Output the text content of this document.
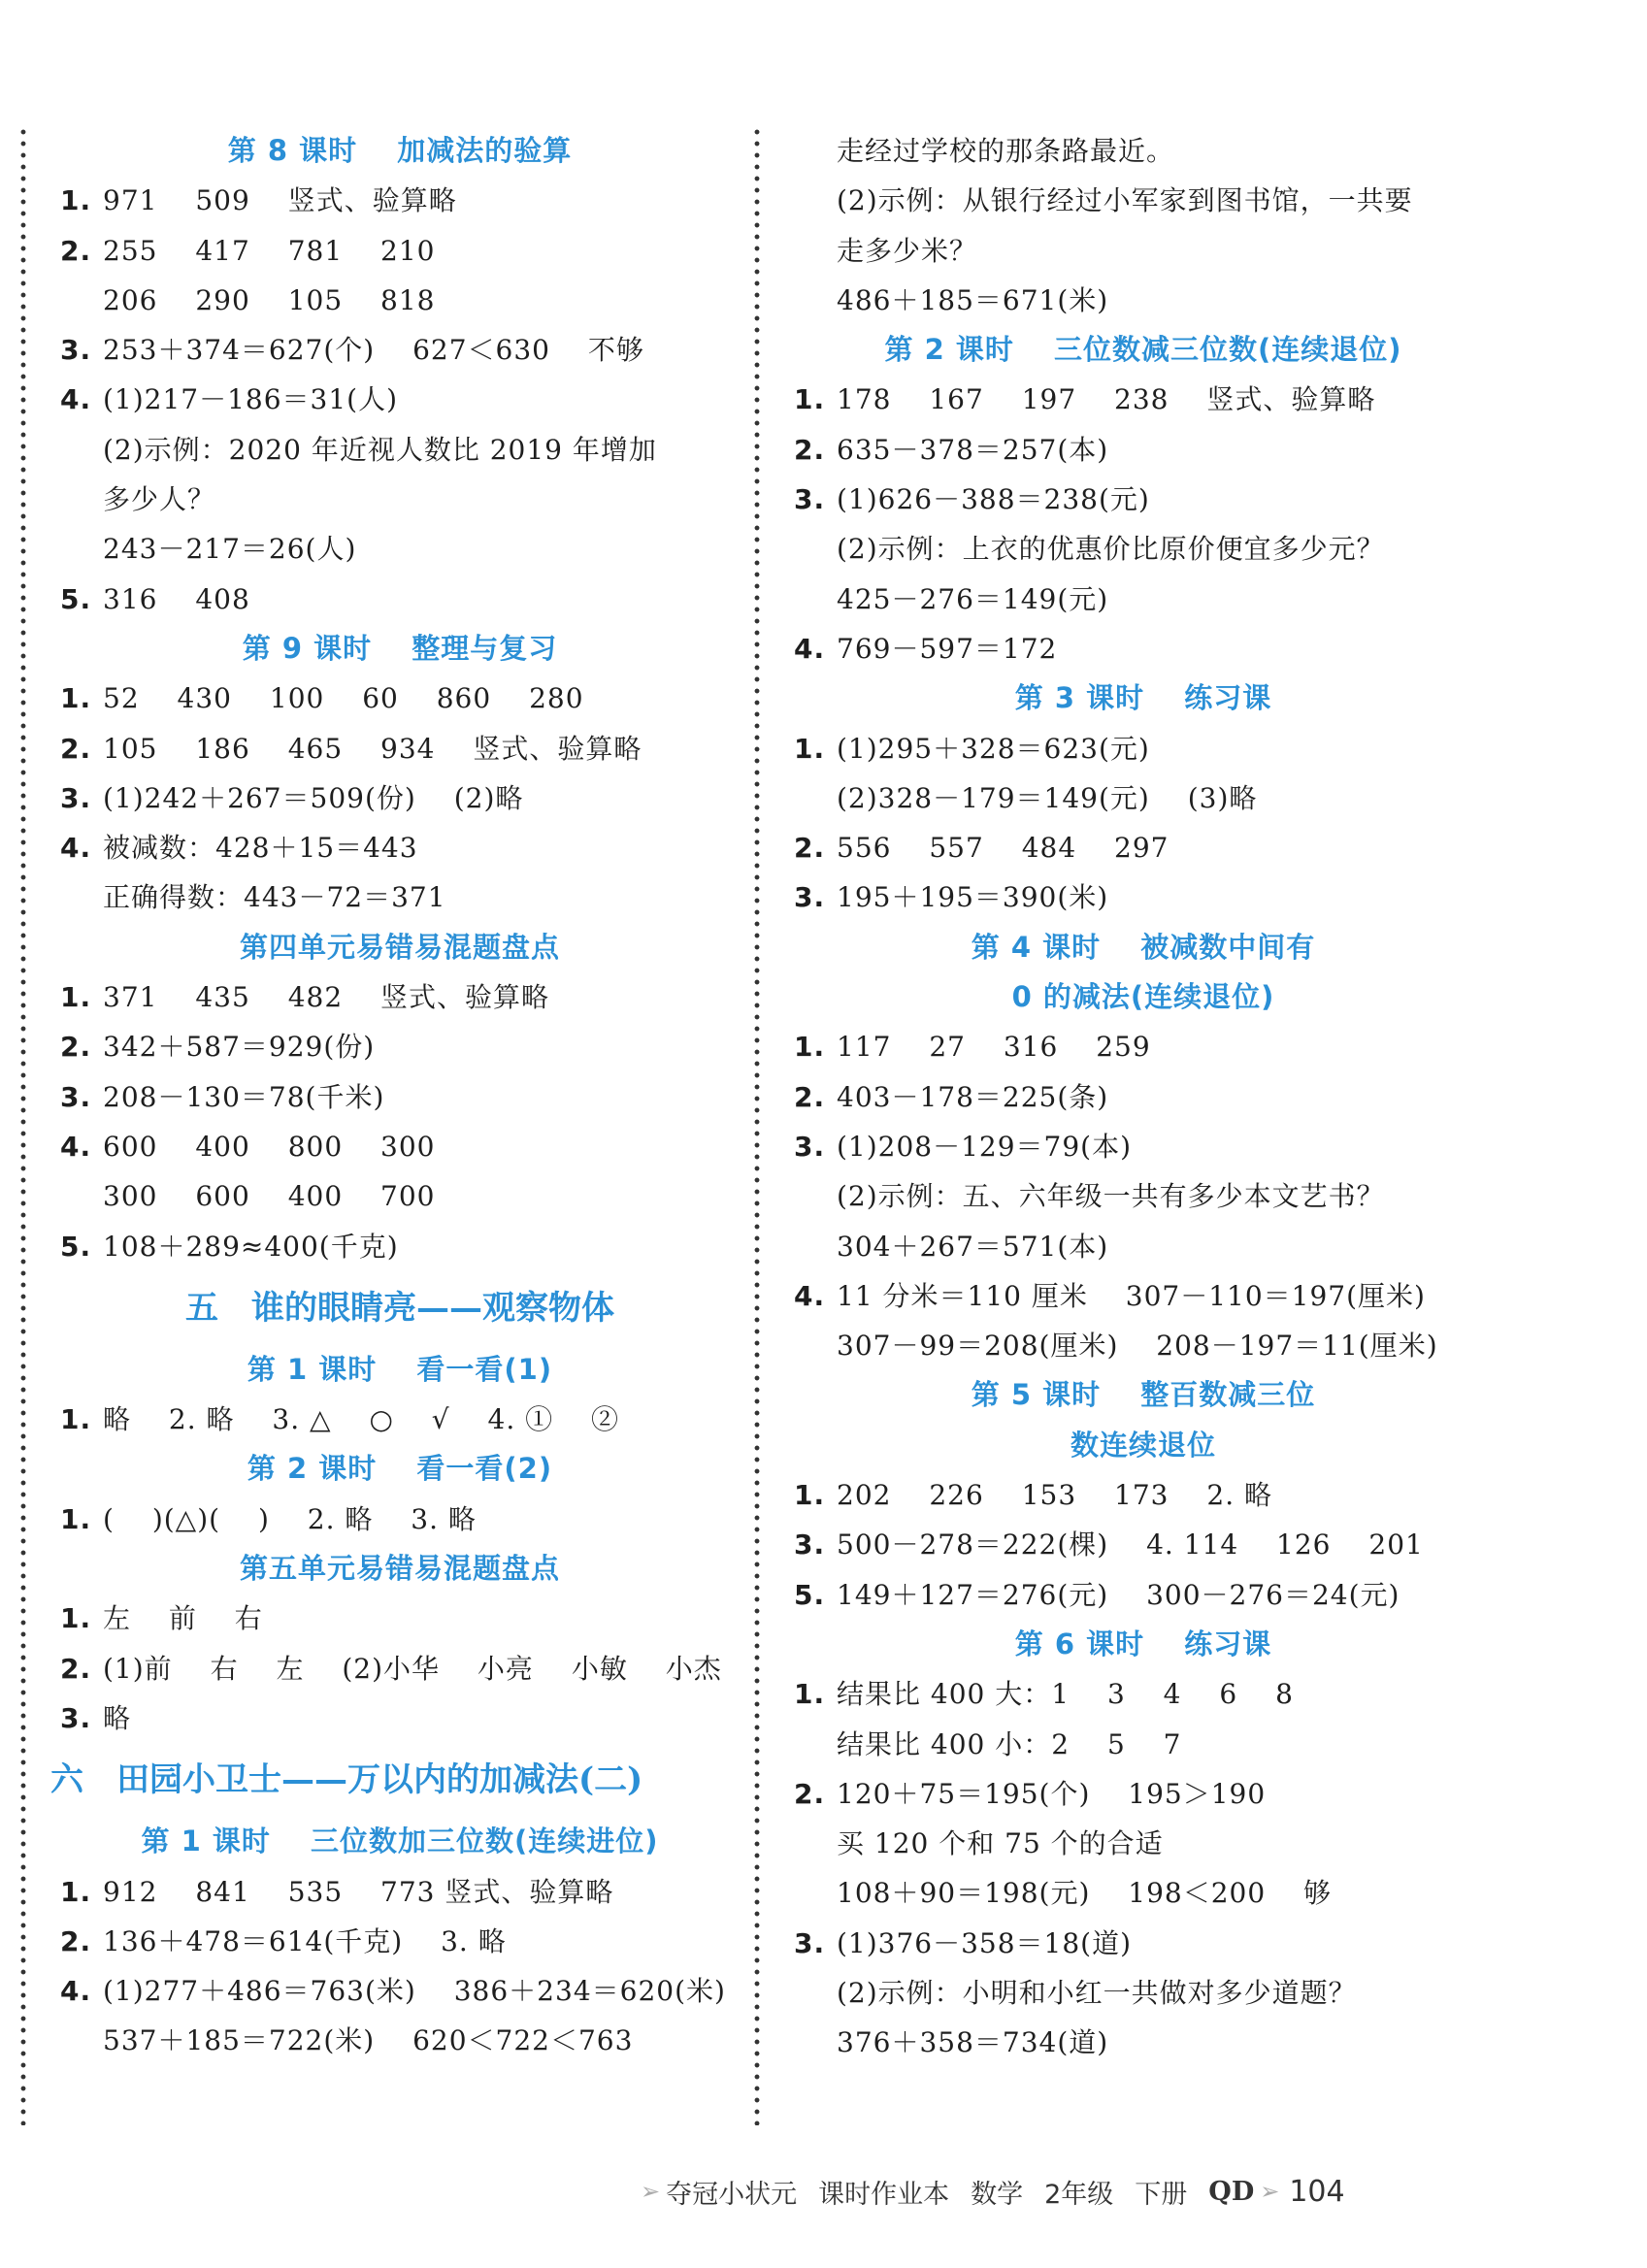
第 8 课时　 加减法的验算
1. 971　 509　 竖式、验算略
2. 255　 417　 781　 210
206　 290　 105　 818
3. 253＋374＝627(个)　 627＜630　 不够
4. (1)217－186＝31(人)
(2)示例：2020 年近视人数比 2019 年增加
多少人？
243－217＝26(人)
5. 316　 408
第 9 课时　 整理与复习
1. 52　 430　 100　 60　 860　 280
2. 105　 186　 465　 934　 竖式、验算略
3. (1)242＋267＝509(份)　 (2)略
4. 被减数：428＋15＝443
正确得数：443－72＝371
第四单元易错易混题盘点
1. 371　 435　 482　 竖式、验算略
2. 342＋587＝929(份)
3. 208－130＝78(千米)
4. 600　 400　 800　 300
300　 600　 400　 700
5. 108＋289≈400(千克)
五　谁的眼睛亮——观察物体
第 1 课时　 看一看(1)
1. 略　 2. 略　 3. △　 ○　 √　 4. ①　 ②
第 2 课时　 看一看(2)
1. (　 )(△)(　 )　 2. 略　 3. 略
第五单元易错易混题盘点
1. 左　 前　 右
2. (1)前　 右　 左　 (2)小华　 小亮　 小敏　 小杰
3. 略
六　田园小卫士——万以内的加减法(二)
第 1 课时　 三位数加三位数(连续进位)
1. 912　 841　 535　 773 竖式、验算略
2. 136＋478＝614(千克)　 3. 略
4. (1)277＋486＝763(米)　 386＋234＝620(米)
537＋185＝722(米)　 620＜722＜763
走经过学校的那条路最近。
(2)示例：从银行经过小军家到图书馆，一共要
走多少米？
486＋185＝671(米)
第 2 课时　 三位数减三位数(连续退位)
1. 178　 167　 197　 238　 竖式、验算略
2. 635－378＝257(本)
3. (1)626－388＝238(元)
(2)示例：上衣的优惠价比原价便宜多少元？
425－276＝149(元)
4. 769－597＝172
第 3 课时　 练习课
1. (1)295＋328＝623(元)
(2)328－179＝149(元)　 (3)略
2. 556　 557　 484　 297
3. 195＋195＝390(米)
第 4 课时　 被减数中间有
0 的减法(连续退位)
1. 117　 27　 316　 259
2. 403－178＝225(条)
3. (1)208－129＝79(本)
(2)示例：五、六年级一共有多少本文艺书？
304＋267＝571(本)
4. 11 分米＝110 厘米　 307－110＝197(厘米)
307－99＝208(厘米)　 208－197＝11(厘米)
第 5 课时　 整百数减三位
数连续退位
1. 202　 226　 153　 173　 2. 略
3. 500－278＝222(棵)　 4. 114　 126　 201
5. 149＋127＝276(元)　 300－276＝24(元)
第 6 课时　 练习课
1. 结果比 400 大：1　 3　 4　 6　 8
结果比 400 小：2　 5　 7
2. 120＋75＝195(个)　 195＞190
买 120 个和 75 个的合适
108＋90＝198(元)　 198＜200　 够
3. (1)376－358＝18(道)
(2)示例：小明和小红一共做对多少道题？
376＋358＝734(道)
➢ 夺冠小状元 课时作业本 数学 2年级 下册 QD ➢ 104
